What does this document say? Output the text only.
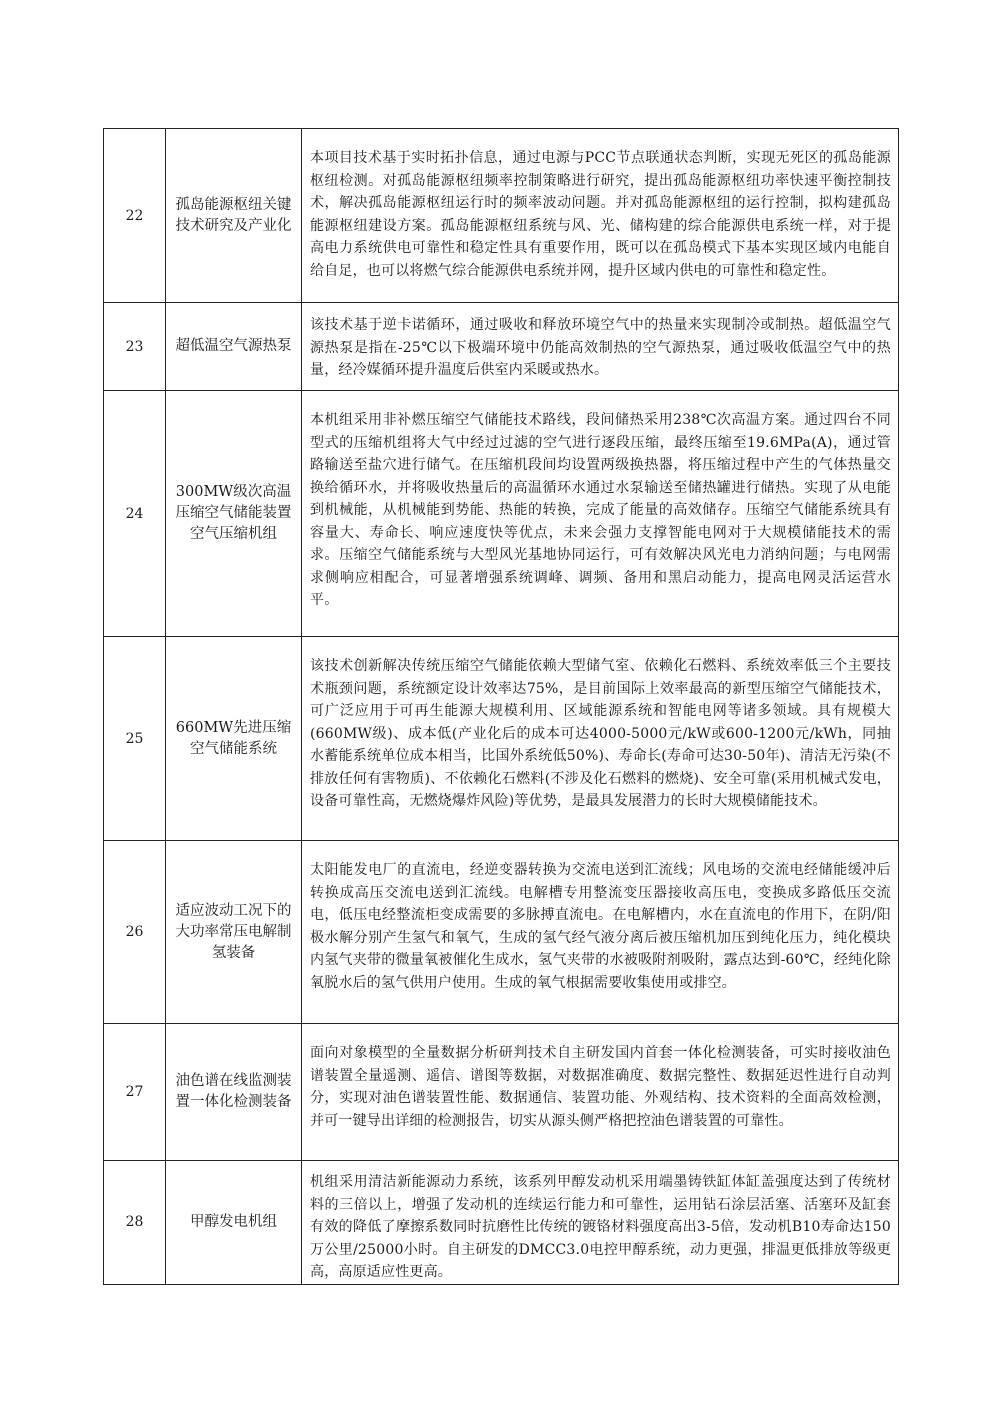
22	孤岛能源枢纽关键技术研究及产业化	本项目技术基于实时拓扑信息，通过电源与PCC节点联通状态判断，实现无死区的孤岛能源枢纽检测。对孤岛能源枢纽频率控制策略进行研究，提出孤岛能源枢纽功率快速平衡控制技术，解决孤岛能源枢纽运行时的频率波动问题。并对孤岛能源枢纽的运行控制，拟构建孤岛能源枢纽建设方案。孤岛能源枢纽系统与风、光、储构建的综合能源供电系统一样，对于提高电力系统供电可靠性和稳定性具有重要作用，既可以在孤岛模式下基本实现区域内电能自给自足，也可以将燃气综合能源供电系统并网，提升区域内供电的可靠性和稳定性。

23	超低温空气源热泵	该技术基于逆卡诺循环，通过吸收和释放环境空气中的热量来实现制冷或制热。超低温空气源热泵是指在-25℃以下极端环境中仍能高效制热的空气源热泵，通过吸收低温空气中的热量，经冷媒循环提升温度后供室内采暖或热水。

24	300MW级次高温压缩空气储能装置空气压缩机组	本机组采用非补燃压缩空气储能技术路线，段间储热采用238℃次高温方案。通过四台不同型式的压缩机组将大气中经过过滤的空气进行逐段压缩，最终压缩至19.6MPa(A)，通过管路输送至盐穴进行储气。在压缩机段间均设置两级换热器，将压缩过程中产生的气体热量交换给循环水，并将吸收热量后的高温循环水通过水泵输送至储热罐进行储热。实现了从电能到机械能，从机械能到势能、热能的转换，完成了能量的高效储存。压缩空气储能系统具有容量大、寿命长、响应速度快等优点，未来会强力支撑智能电网对于大规模储能技术的需求。压缩空气储能系统与大型风光基地协同运行，可有效解决风光电力消纳问题；与电网需求侧响应相配合，可显著增强系统调峰、调频、备用和黑启动能力，提高电网灵活运营水平。

25	660MW先进压缩空气储能系统	该技术创新解决传统压缩空气储能依赖大型储气室、依赖化石燃料、系统效率低三个主要技术瓶颈问题，系统额定设计效率达75%，是目前国际上效率最高的新型压缩空气储能技术，可广泛应用于可再生能源大规模利用、区域能源系统和智能电网等诸多领域。具有规模大(660MW级)、成本低(产业化后的成本可达4000-5000元/kW或600-1200元/kWh，同抽水蓄能系统单位成本相当，比国外系统低50%)、寿命长(寿命可达30-50年)、清洁无污染(不排放任何有害物质)、不依赖化石燃料(不涉及化石燃料的燃烧)、安全可靠(采用机械式发电，设备可靠性高，无燃烧爆炸风险)等优势，是最具发展潜力的长时大规模储能技术。

26	适应波动工况下的大功率常压电解制氢装备	太阳能发电厂的直流电，经逆变器转换为交流电送到汇流线；风电场的交流电经储能缓冲后转换成高压交流电送到汇流线。电解槽专用整流变压器接收高压电，变换成多路低压交流电，低压电经整流柜变成需要的多脉搏直流电。在电解槽内，水在直流电的作用下，在阴/阳极水解分别产生氢气和氧气，生成的氢气经气液分离后被压缩机加压到纯化压力，纯化模块内氢气夹带的微量氧被催化生成水，氢气夹带的水被吸附剂吸附，露点达到-60℃，经纯化除氧脱水后的氢气供用户使用。生成的氧气根据需要收集使用或排空。

27	油色谱在线监测装置一体化检测装备	面向对象模型的全量数据分析研判技术自主研发国内首套一体化检测装备，可实时接收油色谱装置全量遥测、遥信、谱图等数据，对数据准确度、数据完整性、数据延迟性进行自动判分，实现对油色谱装置性能、数据通信、装置功能、外观结构、技术资料的全面高效检测，并可一键导出详细的检测报告，切实从源头侧严格把控油色谱装置的可靠性。

28	甲醇发电机组	机组采用清洁新能源动力系统，该系列甲醇发动机采用端墨铸铁缸体缸盖强度达到了传统材料的三倍以上，增强了发动机的连续运行能力和可靠性，运用钻石涂层活塞、活塞环及缸套有效的降低了摩擦系数同时抗磨性比传统的镀铬材料强度高出3-5倍，发动机B10寿命达150万公里/25000小时。自主研发的DMCC3.0电控甲醇系统，动力更强，排温更低排放等级更高，高原适应性更高。
